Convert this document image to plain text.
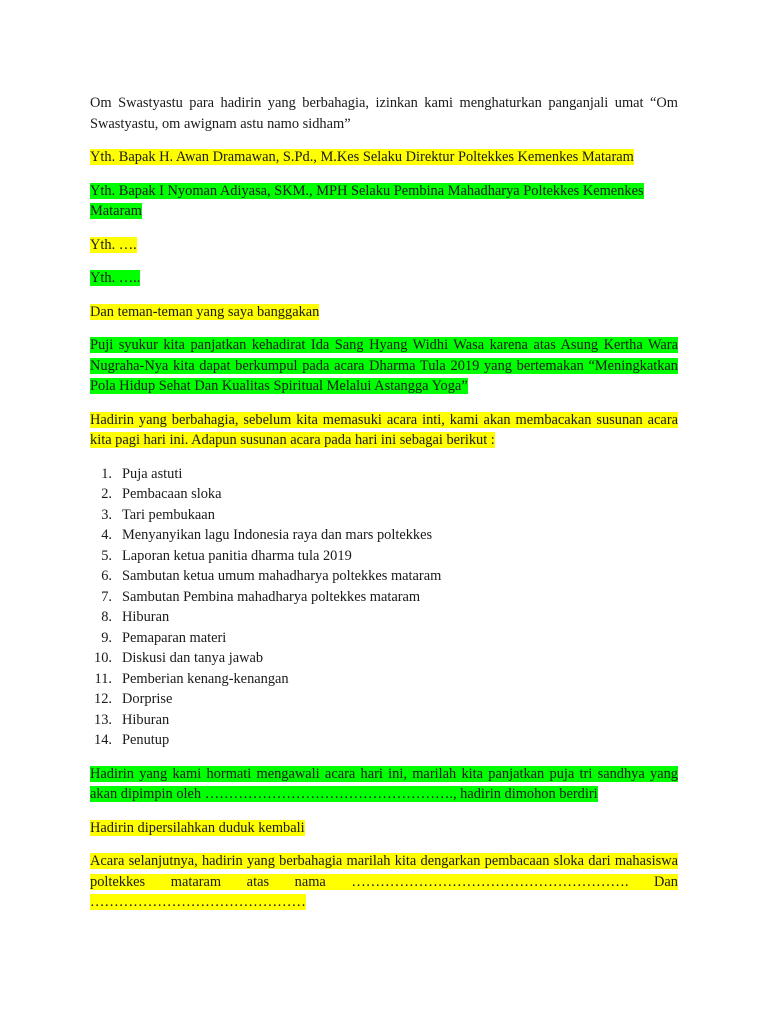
Om Swastyastu para hadirin yang berbahagia, izinkan kami menghaturkan panganjali umat “Om Swastyastu, om awignam astu namo sidham”

Yth. Bapak H. Awan Dramawan, S.Pd., M.Kes Selaku Direktur Poltekkes Kemenkes Mataram

Yth. Bapak I Nyoman Adiyasa, SKM., MPH Selaku Pembina Mahadharya Poltekkes Kemenkes Mataram

Yth. ….

Yth. …..

Dan teman-teman yang saya banggakan

Puji syukur kita panjatkan kehadirat Ida Sang Hyang Widhi Wasa karena atas Asung Kertha Wara Nugraha-Nya kita dapat berkumpul pada acara Dharma Tula 2019 yang bertemakan “Meningkatkan Pola Hidup Sehat Dan Kualitas Spiritual Melalui Astangga Yoga”

Hadirin yang berbahagia, sebelum kita memasuki acara inti, kami akan membacakan susunan acara kita pagi hari ini. Adapun susunan acara pada hari ini sebagai berikut :

1. Puja astuti
2. Pembacaan sloka
3. Tari pembukaan
4. Menyanyikan lagu Indonesia raya dan mars poltekkes
5. Laporan ketua panitia dharma tula 2019
6. Sambutan ketua umum mahadharya poltekkes mataram
7. Sambutan Pembina mahadharya poltekkes mataram
8. Hiburan
9. Pemaparan materi
10. Diskusi dan tanya jawab
11. Pemberian kenang-kenangan
12. Dorprise
13. Hiburan
14. Penutup

Hadirin yang kami hormati mengawali acara hari ini, marilah kita panjatkan puja tri sandhya yang akan dipimpin oleh ……………………………………………., hadirin dimohon berdiri

Hadirin dipersilahkan duduk kembali

Acara selanjutnya, hadirin yang berbahagia marilah kita dengarkan pembacaan sloka dari mahasiswa poltekkes mataram atas nama …………………………………………………. Dan ………………………………………
